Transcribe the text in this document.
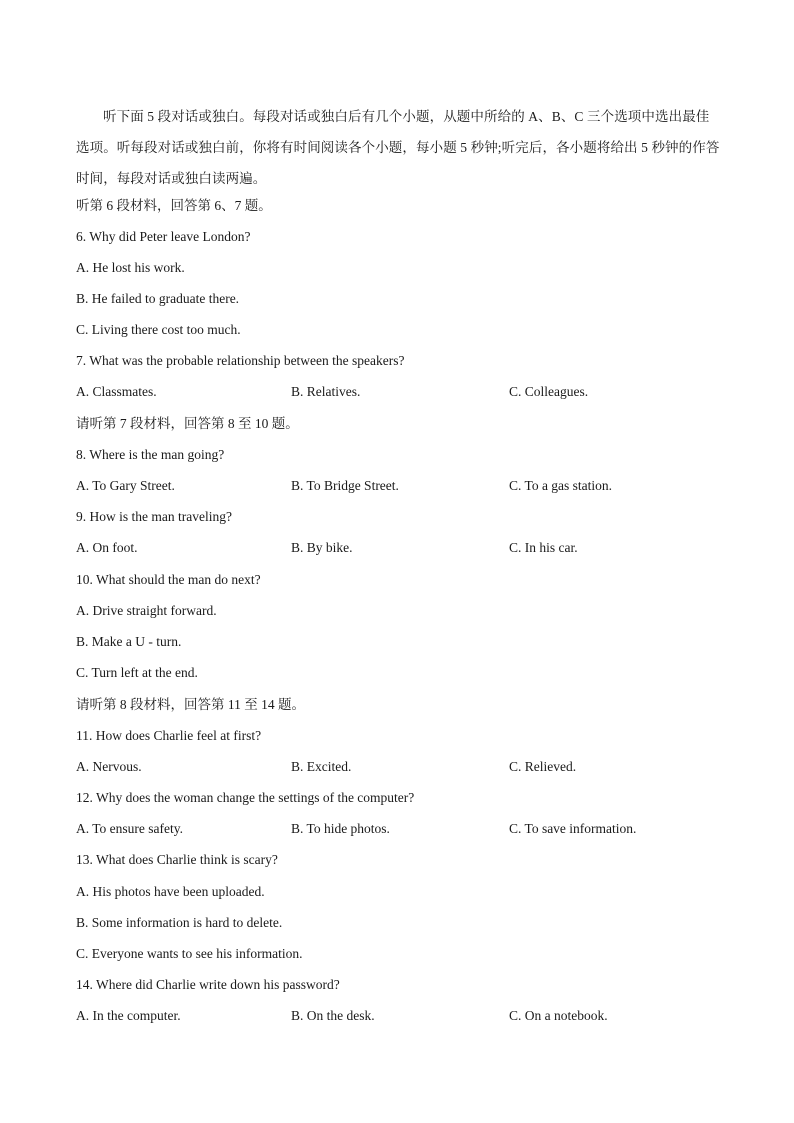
听下面 5 段对话或独白。每段对话或独白后有几个小题，从题中所给的 A、B、C 三个选项中选出最佳选项。听每段对话或独白前，你将有时间阅读各个小题，每小题 5 秒钟;听完后，各小题将给出 5 秒钟的作答时间，每段对话或独白读两遍。
听第 6 段材料，回答第 6、7 题。
6. Why did Peter leave London?
A. He lost his work.
B. He failed to graduate there.
C. Living there cost too much.
7. What was the probable relationship between the speakers?
A. Classmates.	B. Relatives.	C. Colleagues.
请听第 7 段材料，回答第 8 至 10 题。
8. Where is the man going?
A. To Gary Street.	B. To Bridge Street.	C. To a gas station.
9. How is the man traveling?
A. On foot.	B. By bike.	C. In his car.
10. What should the man do next?
A. Drive straight forward.
B. Make a U - turn.
C. Turn left at the end.
请听第 8 段材料，回答第 11 至 14 题。
11. How does Charlie feel at first?
A. Nervous.	B. Excited.	C. Relieved.
12. Why does the woman change the settings of the computer?
A. To ensure safety.	B. To hide photos.	C. To save information.
13. What does Charlie think is scary?
A. His photos have been uploaded.
B. Some information is hard to delete.
C. Everyone wants to see his information.
14. Where did Charlie write down his password?
A. In the computer.	B. On the desk.	C. On a notebook.
